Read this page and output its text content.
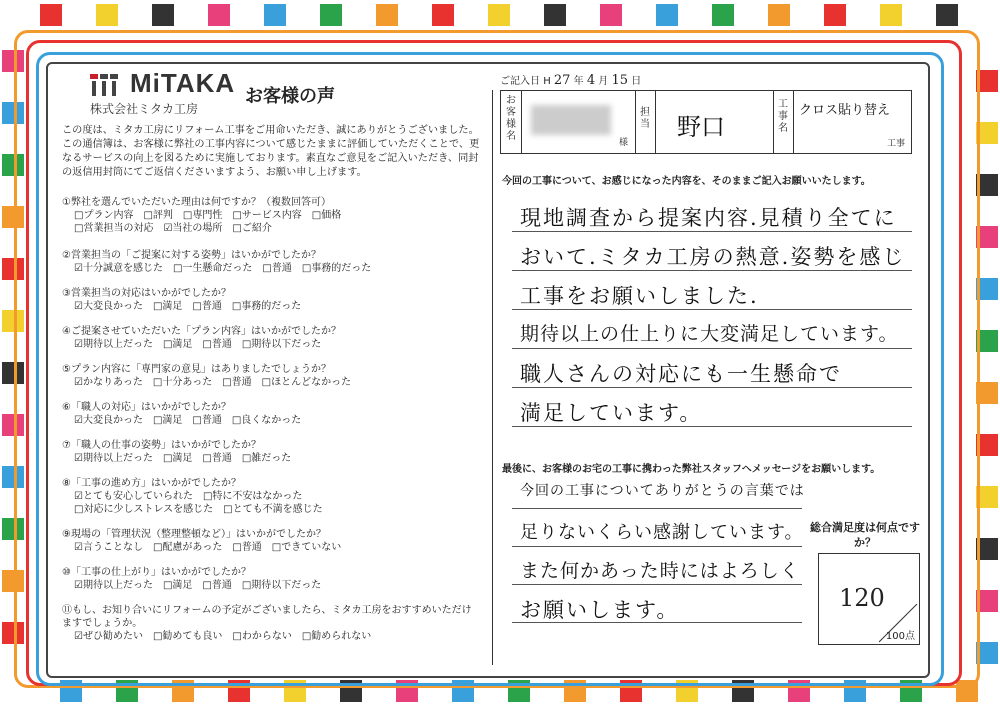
MiTAKA
株式会社ミタカ工房
お客様の声
この度は、ミタカ工房にリフォーム工事をご用命いただき、誠にありがとうございました。この通信簿は、お客様に弊社の工事内容について感じたままに評価していただくことで、更なるサービスの向上を図るために実施しております。素直なご意見をご記入いただき、同封の返信用封筒にてご返信くださいますよう、お願い申し上げます。
①弊社を選んでいただいた理由は何ですか？（複数回答可）
□プラン内容　□評判　□専門性　□サービス内容　□価格
□営業担当の対応　☑当社の場所　□ご紹介
②営業担当の「ご提案に対する姿勢」はいかがでしたか？
☑十分誠意を感じた　□一生懸命だった　□普通　□事務的だった
③営業担当の対応はいかがでしたか？
☑大変良かった　□満足　□普通　□事務的だった
④ご提案させていただいた「プラン内容」はいかがでしたか？
☑期待以上だった　□満足　□普通　□期待以下だった
⑤プラン内容に「専門家の意見」はありましたでしょうか？
☑かなりあった　□十分あった　□普通　□ほとんどなかった
⑥「職人の対応」はいかがでしたか？
☑大変良かった　□満足　□普通　□良くなかった
⑦「職人の仕事の姿勢」はいかがでしたか？
☑期待以上だった　□満足　□普通　□雑だった
⑧「工事の進め方」はいかがでしたか？
☑とても安心していられた　□特に不安はなかった
□対応に少しストレスを感じた　□とても不満を感じた
⑨現場の「管理状況（整理整頓など）」はいかがでしたか？
☑言うことなし　□配慮があった　□普通　□できていない
⑩「工事の仕上がり」はいかがでしたか？
☑期待以上だった　□満足　□普通　□期待以下だった
⑪もし、お知り合いにリフォームの予定がございましたら、ミタカ工房をおすすめいただけますでしょうか。
☑ぜひ勧めたい　□勧めても良い　□わからない　□勧められない
ご記入日 H 27 年 4 月 15 日
お客様名
様
担当 野口
工事名
クロス貼り替え
工事
今回の工事について、お感じになった内容を、そのままご記入お願いいたします。
現地調査から提案内容.見積り全てに
おいて.ミタカ工房の熱意.姿勢を感じ
工事をお願いしました.
期待以上の仕上りに大変満足しています。
職人さんの対応にも一生懸命で
満足しています。
最後に、お客様のお宅の工事に携わった弊社スタッフへメッセージをお願いします。
今回の工事についてありがとうの言葉では
足りないくらい感謝しています。
また何かあった時にはよろしく
お願いします。
総合満足度は何点ですか？
120
100点
